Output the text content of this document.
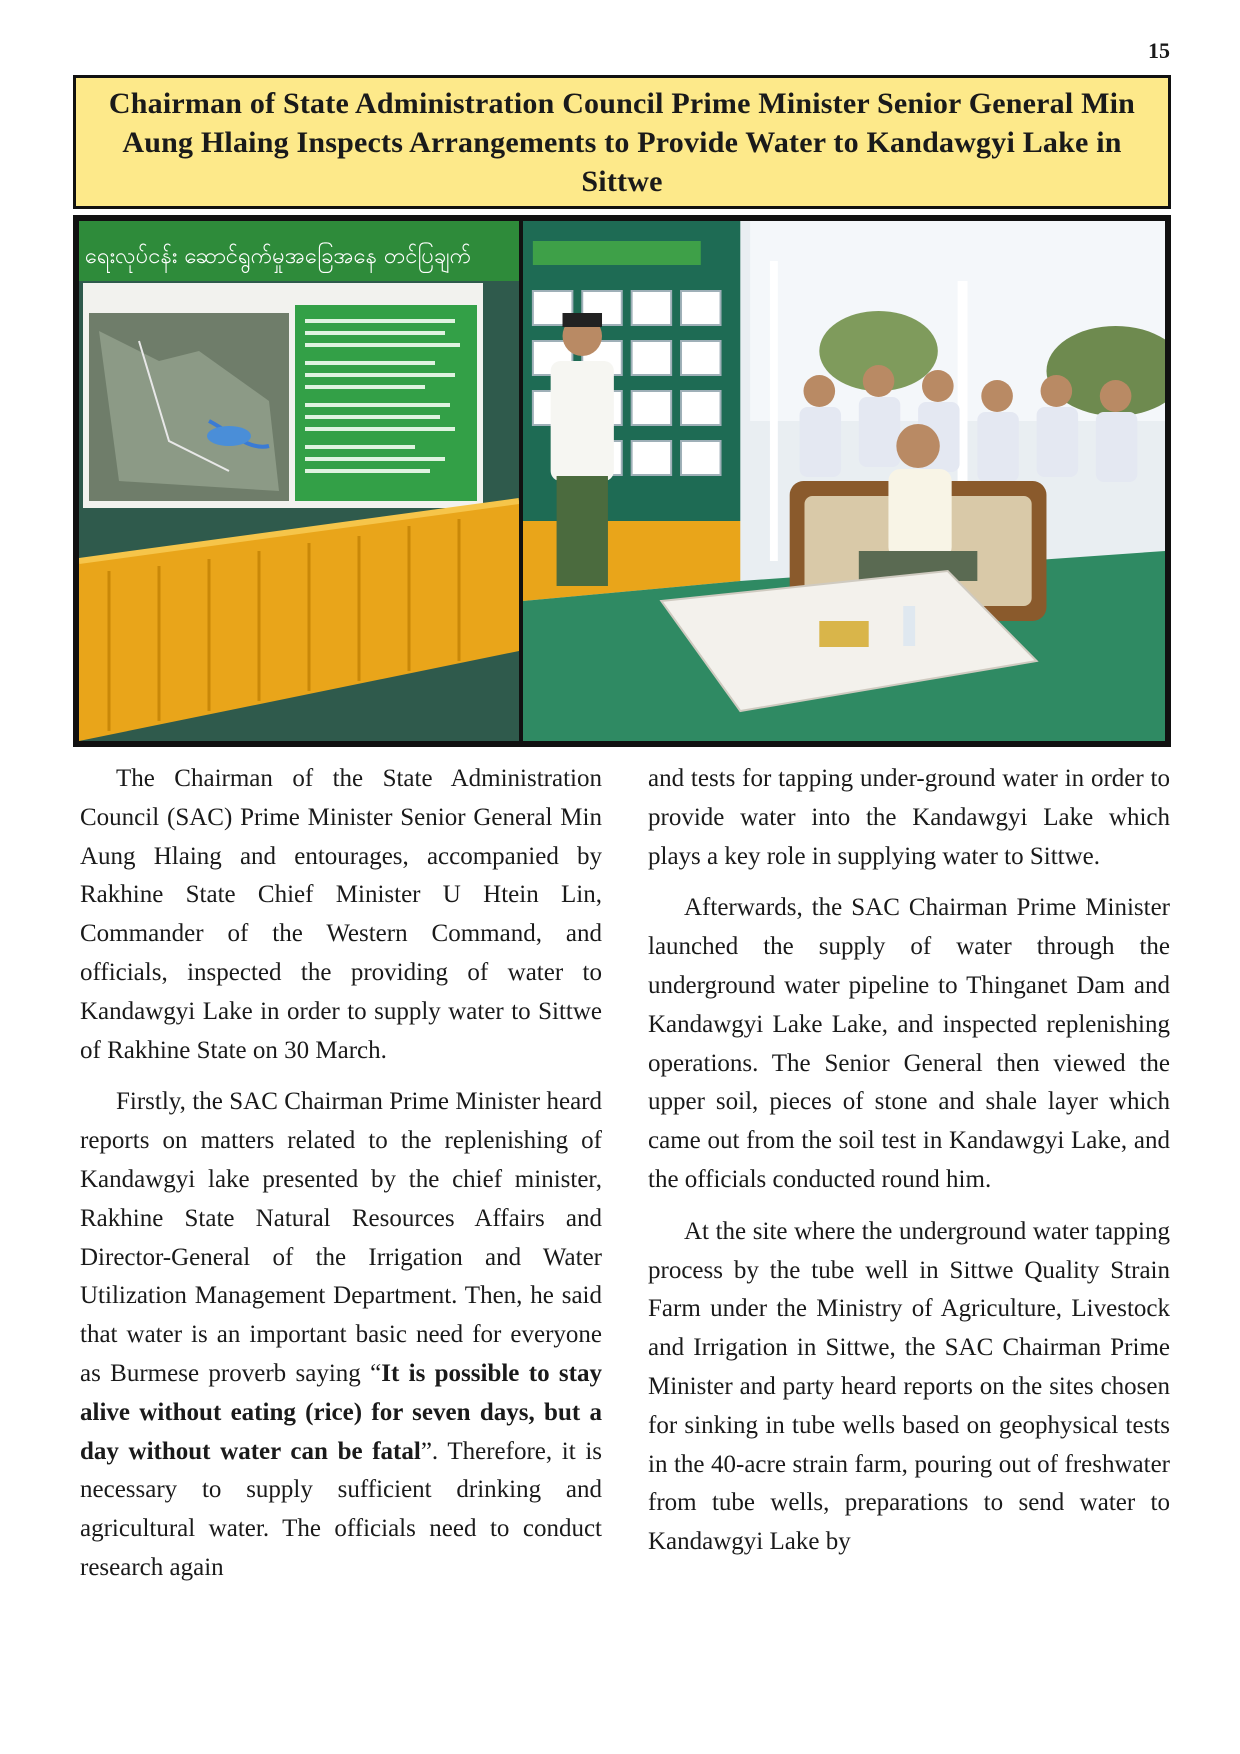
15
Chairman of State Administration Council Prime Minister Senior General Min Aung Hlaing Inspects Arrangements to Provide Water to Kandawgyi Lake in Sittwe
ရေးလုပ်ငန်း ဆောင်ရွက်မှုအခြေအနေ တင်ပြချက်

The Chairman of the State Administration Council (SAC) Prime Minister Senior General Min Aung Hlaing and entourages, accompanied by Rakhine State Chief Minister U Htein Lin, Commander of the Western Command, and officials, inspected the providing of water to Kandawgyi Lake in order to supply water to Sittwe of Rakhine State on 30 March.

Firstly, the SAC Chairman Prime Minister heard reports on matters related to the replenishing of Kandawgyi lake presented by the chief minister, Rakhine State Natural Resources Affairs and Director-General of the Irrigation and Water Utilization Management Department. Then, he said that water is an important basic need for everyone as Burmese proverb saying “It is possible to stay alive without eating (rice) for seven days, but a day without water can be fatal”. Therefore, it is necessary to supply sufficient drinking and agricultural water. The officials need to conduct research again

and tests for tapping under-ground water in order to provide water into the Kandawgyi Lake which plays a key role in supplying water to Sittwe.

Afterwards, the SAC Chairman Prime Minister launched the supply of water through the underground water pipeline to Thinganet Dam and Kandawgyi Lake Lake, and inspected replenishing operations. The Senior General then viewed the upper soil, pieces of stone and shale layer which came out from the soil test in Kandawgyi Lake, and the officials conducted round him.

At the site where the underground water tapping process by the tube well in Sittwe Quality Strain Farm under the Ministry of Agriculture, Livestock and Irrigation in Sittwe, the SAC Chairman Prime Minister and party heard reports on the sites chosen for sinking in tube wells based on geophysical tests in the 40-acre strain farm, pouring out of freshwater from tube wells, preparations to send water to Kandawgyi Lake by
